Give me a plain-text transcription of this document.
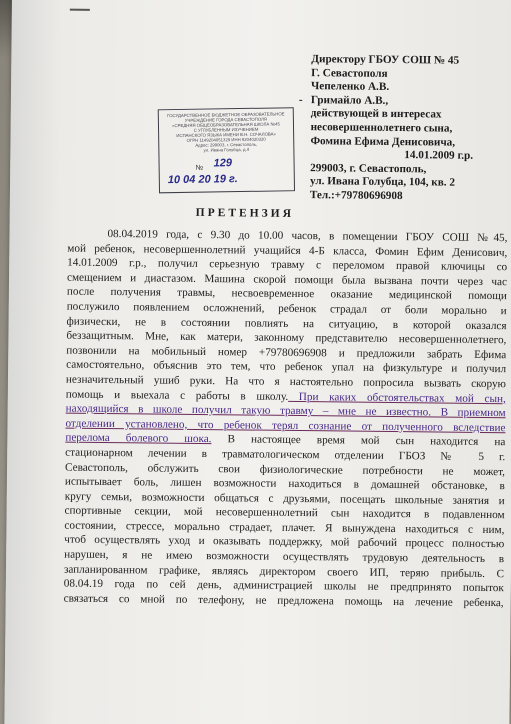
Директору ГБОУ СОШ № 45
Г. Севастополя
Чепеленко А.В.
- Гримайло А.В.,
действующей в интересах
несовершеннолетнего сына,
Фомина Ефима Денисовича,
14.01.2009 г.р.
299003, г. Севастополь,
ул. Ивана Голубца, 104, кв. 2
Тел.:+79780696908
ГОСУДАРСТВЕННОЕ БЮДЖЕТНОЕ ОБРАЗОВАТЕЛЬНОЕ
УЧРЕЖДЕНИЕ ГОРОДА СЕВАСТОПОЛЯ
«СРЕДНЯЯ ОБЩЕОБРАЗОВАТЕЛЬНАЯ ШКОЛА №45
С УГЛУБЛЕННЫМ ИЗУЧЕНИЕМ
ИСПАНСКОГО ЯЗЫКА ИМЕНИ В.Н. СОЧАЛОВА»
ОГРН 1149204051329 ИНН 9204020320
Адрес: 299003, г. Севастополь,
ул. Ивана Голубца, д.4
№ 129
10 04 20 19 г.
ПРЕТЕНЗИЯ
08.04.2019 года, с 9.30 до 10.00 часов, в помещении ГБОУ СОШ №45,
мой ребенок, несовершеннолетний учащийся 4-Б класса, Фомин Ефим Денисович,
14.01.2009 г.р., получил серьезную травму с переломом правой ключицы со
смещением и диастазом. Машина скорой помощи была вызвана почти через час
после получения травмы, несвоевременное оказание медицинской помощи
послужило появлением осложнений, ребенок страдал от боли морально и
физически, не в состоянии повлиять на ситуацию, в которой оказался
беззащитным. Мне, как матери, законному представителю несовершеннолетнего,
позвонили на мобильный номер +79780696908 и предложили забрать Ефима
самостоятельно, объяснив это тем, что ребенок упал на физкультуре и получил
незначительный ушиб руки. На что я настоятельно попросила вызвать скорую
помощь и выехала с работы в школу. При каких обстоятельствах мой сын,
находящийся в школе получил такую травму – мне не известно. В приемном
отделении установлено, что ребенок терял сознание от полученного вследствие
перелома болевого шока. В настоящее время мой сын находится на
стационарном лечении в травматологическом отделении ГБОЗ № 5 г.
Севастополь, обслужить свои физиологические потребности не может,
испытывает боль, лишен возможности находиться в домашней обстановке, в
кругу семьи, возможности общаться с друзьями, посещать школьные занятия и
спортивные секции, мой несовершеннолетний сын находится в подавленном
состоянии, стрессе, морально страдает, плачет. Я вынуждена находиться с ним,
чтоб осуществлять уход и оказывать поддержку, мой рабочий процесс полностью
нарушен, я не имею возможности осуществлять трудовую деятельность в
запланированном графике, являясь директором своего ИП, теряю прибыль. С
08.04.19 года по сей день, администрацией школы не предпринято попыток
связаться со мной по телефону, не предложена помощь на лечение ребенка,
